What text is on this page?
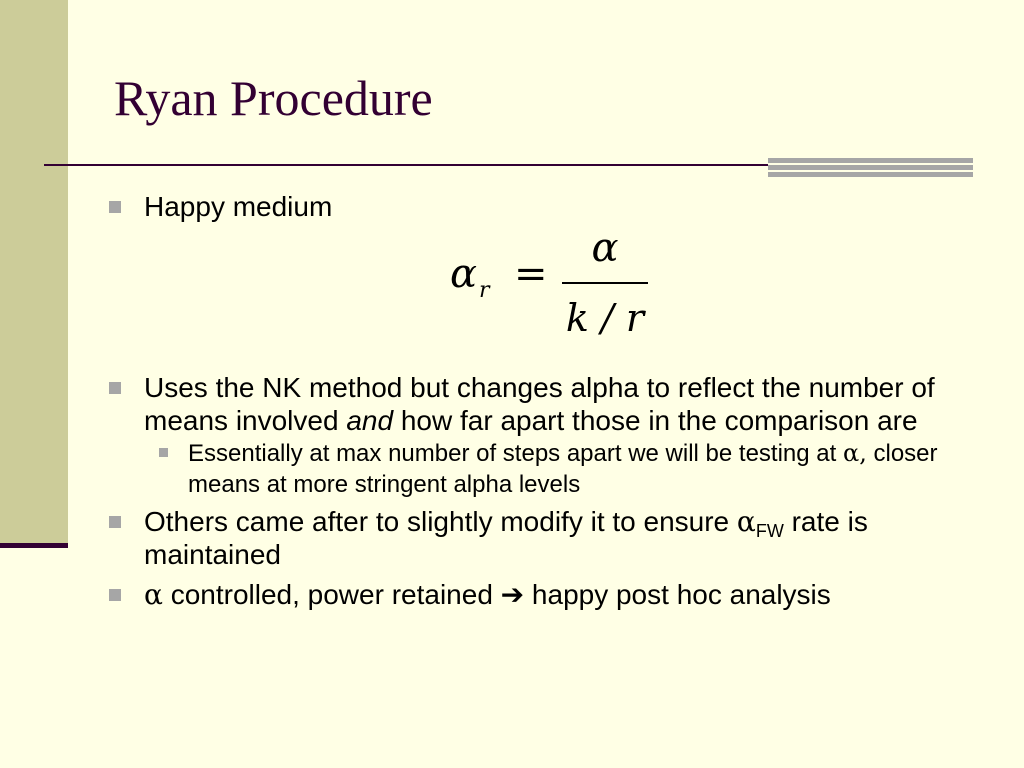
Ryan Procedure
Happy medium
$\alpha_r$ =
α
k / r
Uses the NK method but changes alpha to reflect the number of means involved and how far apart those in the comparison are
Essentially at max number of steps apart we will be testing at α, closer means at more stringent alpha levels
Others came after to slightly modify it to ensure $\alpha_{FW}$ rate is maintained
α controlled, power retained ➔ happy post hoc analysis
